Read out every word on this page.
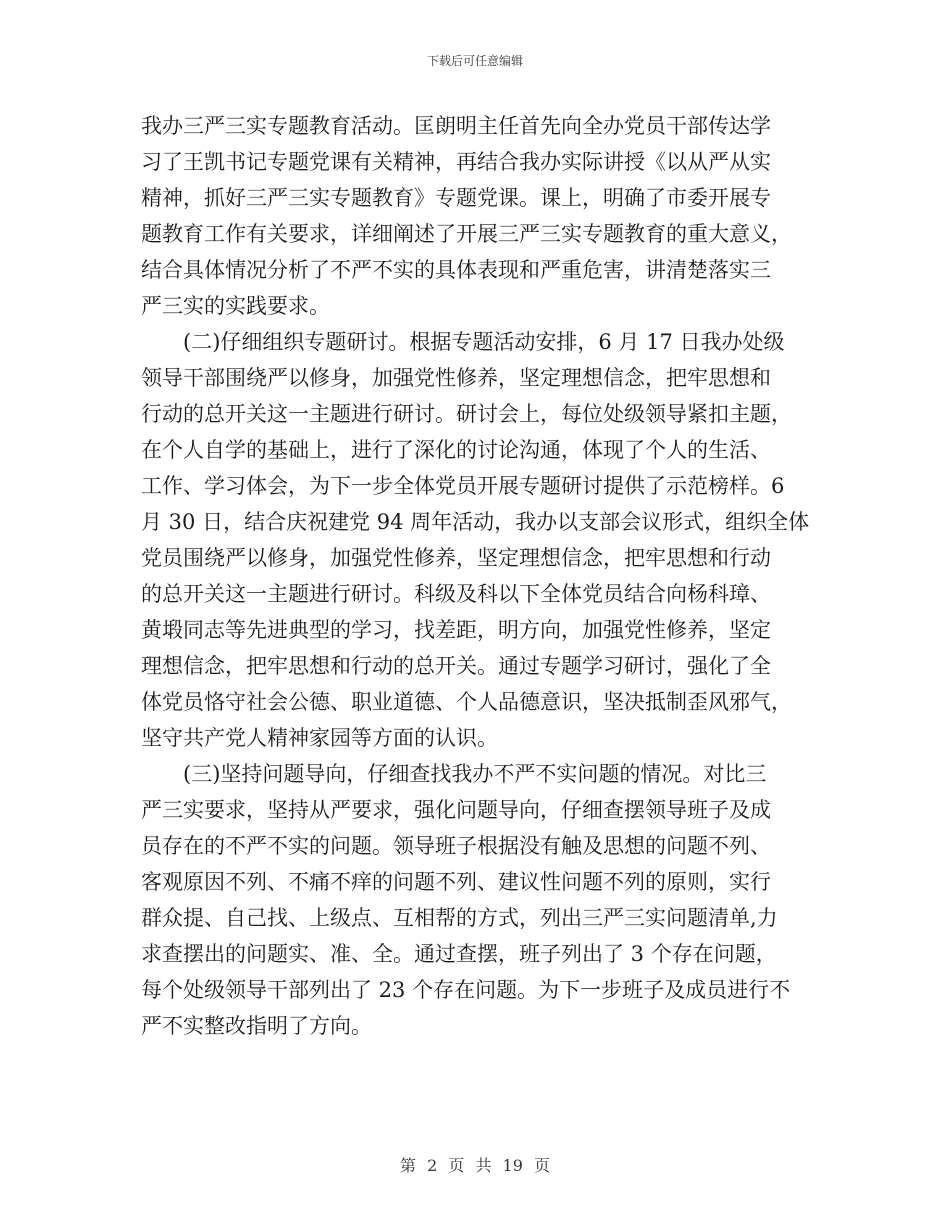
下载后可任意编辑
我办三严三实专题教育活动。匡朗明主任首先向全办党员干部传达学
习了王凯书记专题党课有关精神，再结合我办实际讲授《以从严从实
精神，抓好三严三实专题教育》专题党课。课上，明确了市委开展专
题教育工作有关要求，详细阐述了开展三严三实专题教育的重大意义，
结合具体情况分析了不严不实的具体表现和严重危害，讲清楚落实三
严三实的实践要求。
(二)仔细组织专题研讨。根据专题活动安排，6 月 17 日我办处级
领导干部围绕严以修身，加强党性修养，坚定理想信念，把牢思想和
行动的总开关这一主题进行研讨。研讨会上，每位处级领导紧扣主题，
在个人自学的基础上，进行了深化的讨论沟通，体现了个人的生活、
工作、学习体会，为下一步全体党员开展专题研讨提供了示范榜样。6
月 30 日，结合庆祝建党 94 周年活动，我办以支部会议形式，组织全体
党员围绕严以修身，加强党性修养，坚定理想信念，把牢思想和行动
的总开关这一主题进行研讨。科级及科以下全体党员结合向杨科璋、
黄塅同志等先进典型的学习，找差距，明方向，加强党性修养，坚定
理想信念，把牢思想和行动的总开关。通过专题学习研讨，强化了全
体党员恪守社会公德、职业道德、个人品德意识，坚决抵制歪风邪气，
坚守共产党人精神家园等方面的认识。
(三)坚持问题导向，仔细查找我办不严不实问题的情况。对比三
严三实要求，坚持从严要求，强化问题导向，仔细查摆领导班子及成
员存在的不严不实的问题。领导班子根据没有触及思想的问题不列、
客观原因不列、不痛不痒的问题不列、建议性问题不列的原则，实行
群众提、自己找、上级点、互相帮的方式，列出三严三实问题清单,力
求查摆出的问题实、准、全。通过查摆，班子列出了 3 个存在问题，
每个处级领导干部列出了 23 个存在问题。为下一步班子及成员进行不
严不实整改指明了方向。
第 2 页 共 19 页
